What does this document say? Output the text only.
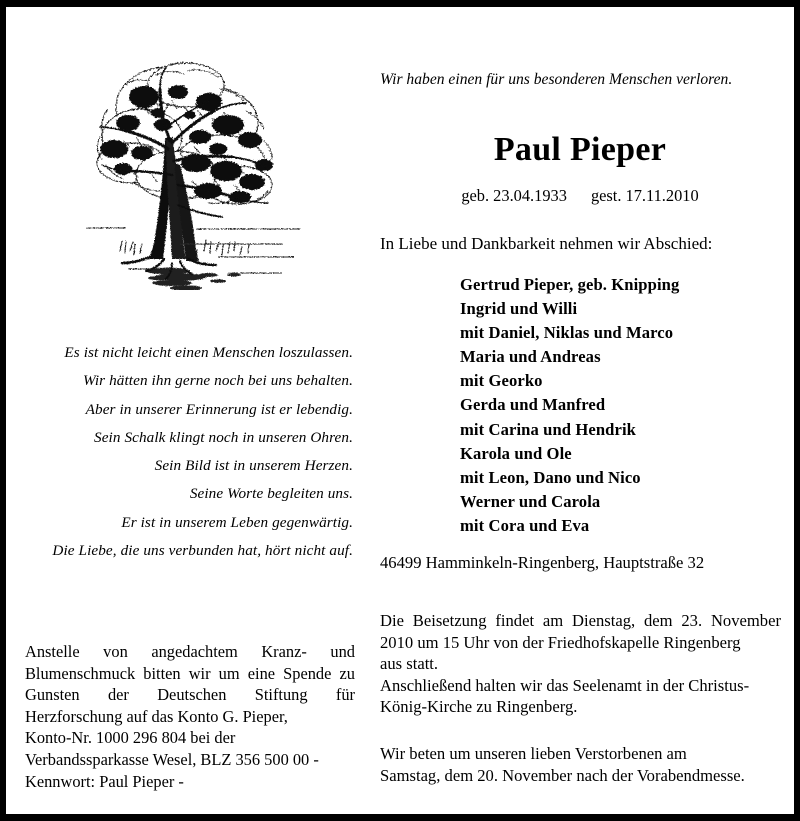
Es ist nicht leicht einen Menschen loszulassen.
Wir hätten ihn gerne noch bei uns behalten.
Aber in unserer Erinnerung ist er lebendig.
Sein Schalk klingt noch in unseren Ohren.
Sein Bild ist in unserem Herzen.
Seine Worte begleiten uns.
Er ist in unserem Leben gegenwärtig.
Die Liebe, die uns verbunden hat, hört nicht auf.
Anstelle von angedachtem Kranz- und Blumenschmuck bitten wir um eine Spende zu Gunsten der Deutschen Stiftung für Herzforschung auf das Konto G. Pieper,
Konto-Nr. 1000 296 804 bei der
Verbandssparkasse Wesel, BLZ 356 500 00 -
Kennwort: Paul Pieper -
Wir haben einen für uns besonderen Menschen verloren.
Paul Pieper
geb. 23.04.1933 gest. 17.11.2010
In Liebe und Dankbarkeit nehmen wir Abschied:
Gertrud Pieper, geb. Knipping
Ingrid und Willi
mit Daniel, Niklas und Marco
Maria und Andreas
mit Georko
Gerda und Manfred
mit Carina und Hendrik
Karola und Ole
mit Leon, Dano und Nico
Werner und Carola
mit Cora und Eva
46499 Hamminkeln-Ringenberg, Hauptstraße 32
Die Beisetzung findet am Dienstag, dem 23. November 2010 um 15 Uhr von der Friedhofskapelle Ringenberg
aus statt.
Anschließend halten wir das Seelenamt in der Christus-
König-Kirche zu Ringenberg.
Wir beten um unseren lieben Verstorbenen am
Samstag, dem 20. November nach der Vorabendmesse.
